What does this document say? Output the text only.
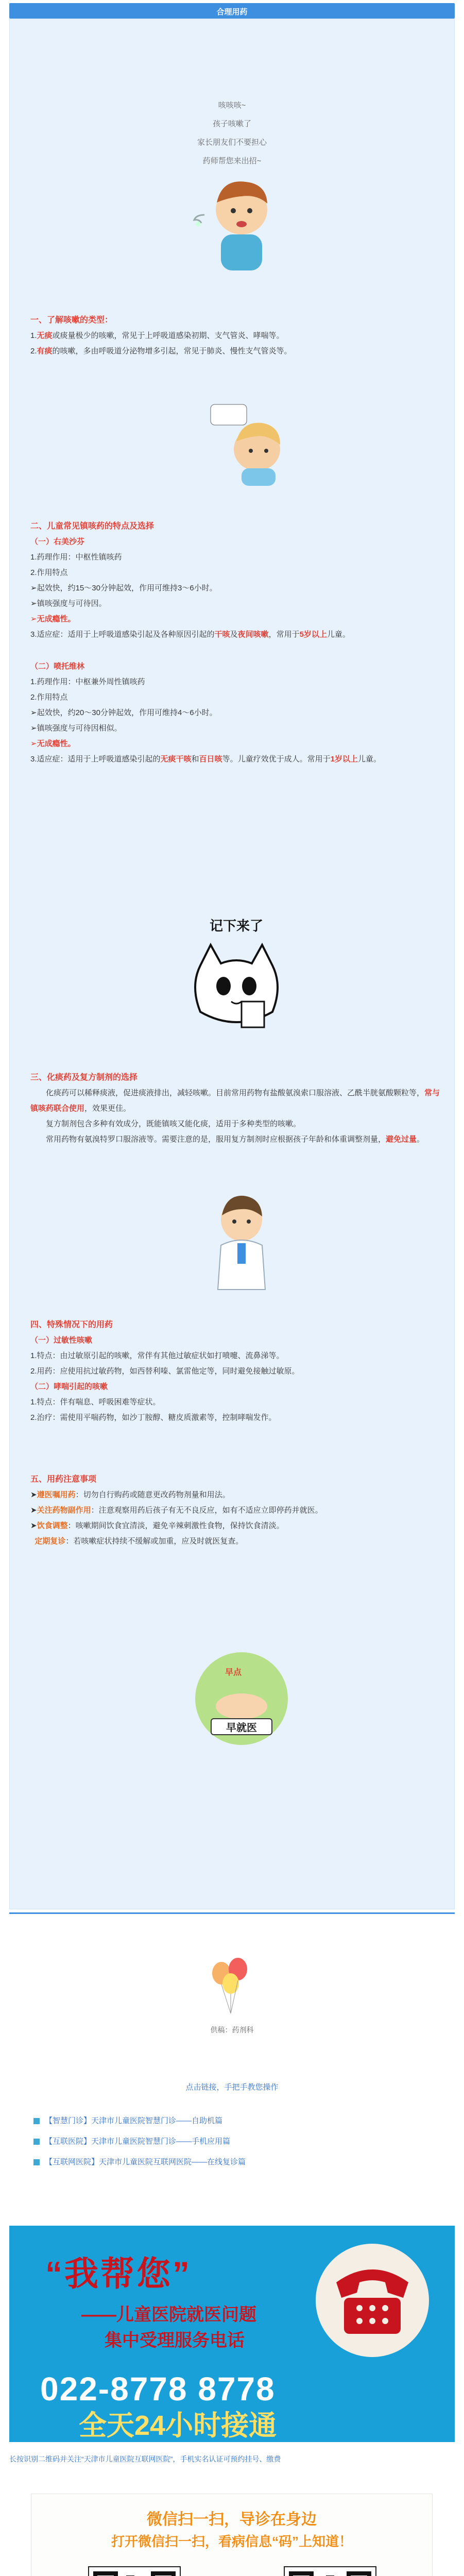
合理用药
咳咳咳~
孩子咳嗽了
家长朋友们不要担心
药师帮您来出招~
一、了解咳嗽的类型：
1.无痰或痰量极少的咳嗽，常见于上呼吸道感染初期、支气管炎、哮喘等。
2.有痰的咳嗽，多由呼吸道分泌物增多引起，常见于肺炎、慢性支气管炎等。
二、儿童常见镇咳药的特点及选择
（一）右美沙芬
1.药理作用：中枢性镇咳药
2.作用特点
➢起效快，约15～30分钟起效，作用可维持3～6小时。
➢镇咳强度与可待因。
➢无成瘾性。
3.适应症：适用于上呼吸道感染引起及各种原因引起的干咳及夜间咳嗽，常用于5岁以上儿童。
（二）喷托维林
1.药理作用：中枢兼外周性镇咳药
2.作用特点
➢起效快，约20～30分钟起效，作用可维持4～6小时。
➢镇咳强度与可待因相似。
➢无成瘾性。
3.适应症：适用于上呼吸道感染引起的无痰干咳和百日咳等。儿童疗效优于成人。常用于1岁以上儿童。
记下来了
三、化痰药及复方制剂的选择
化痰药可以稀释痰液，促进痰液排出，减轻咳嗽。目前常用药物有盐酸氨溴索口服溶液、乙酰半胱氨酸颗粒等，常与镇咳药联合使用，效果更佳。
复方制剂包含多种有效成分，既能镇咳又能化痰，适用于多种类型的咳嗽。
常用药物有氨溴特罗口服溶液等。需要注意的是，服用复方制剂时应根据孩子年龄和体重调整剂量，避免过量。
四、特殊情况下的用药
（一）过敏性咳嗽
1.特点：由过敏原引起的咳嗽，常伴有其他过敏症状如打喷嚏、流鼻涕等。
2.用药：应使用抗过敏药物，如西替利嗪、氯雷他定等，同时避免接触过敏原。
（二）哮喘引起的咳嗽
1.特点：伴有喘息、呼吸困难等症状。
2.治疗：需使用平喘药物，如沙丁胺醇、糖皮质激素等，控制哮喘发作。
五、用药注意事项
➤遵医嘱用药：切勿自行购药或随意更改药物剂量和用法。
➤关注药物副作用：注意观察用药后孩子有无不良反应，如有不适应立即停药并就医。
➤饮食调整：咳嗽期间饮食宜清淡，避免辛辣刺激性食物，保持饮食清淡。
定期复诊：若咳嗽症状持续不缓解或加重，应及时就医复查。
早点
早就医
供稿：药剂科
点击链接，手把手教您操作
【智慧门诊】天津市儿童医院智慧门诊——自助机篇
【互联医院】天津市儿童医院智慧门诊——手机应用篇
【互联网医院】天津市儿童医院互联网医院——在线复诊篇
“我帮您”
——儿童医院就医问题
集中受理服务电话
022-8778 8778
全天24小时接通
长按识别二维码并关注“天津市儿童医院互联网医院”，手机实名认证可预约挂号、缴费
微信扫一扫，导诊在身边
打开微信扫一扫，看病信息“码”上知道！
